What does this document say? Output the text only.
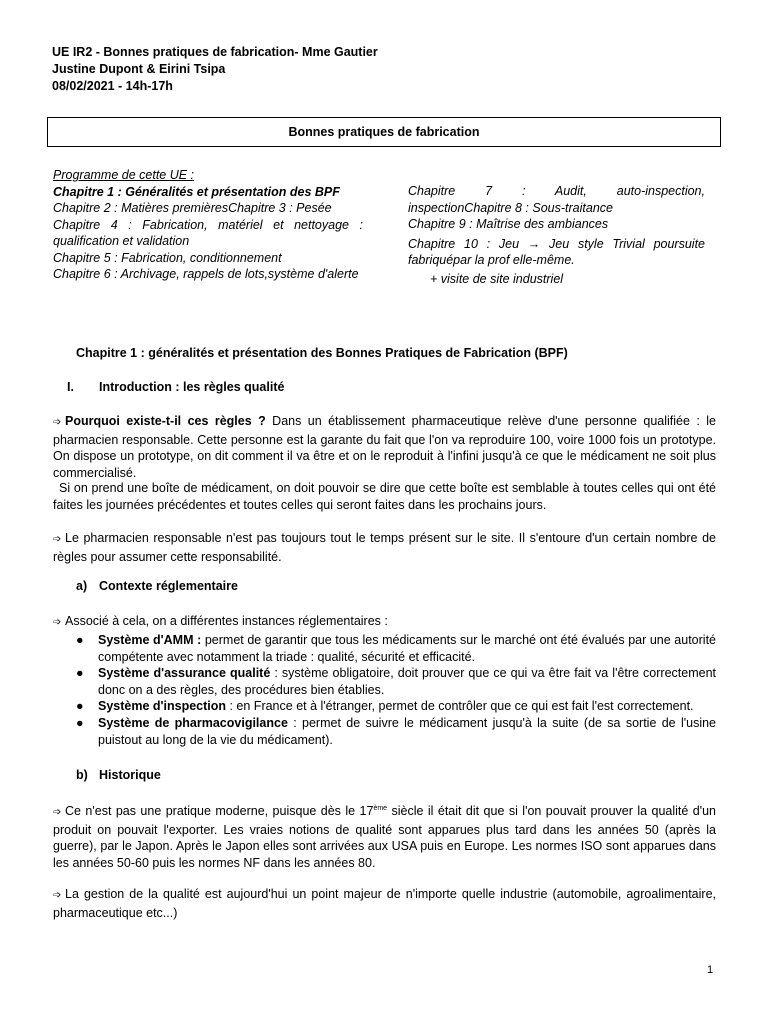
UE IR2 - Bonnes pratiques de fabrication- Mme Gautier
Justine Dupont & Eirini Tsipa
08/02/2021 - 14h-17h
Bonnes pratiques de fabrication
Programme de cette UE :
Chapitre 1 : Généralités et présentation des BPF
Chapitre 2 : Matières premièresChapitre 3 : Pesée
Chapitre 4 : Fabrication, matériel et nettoyage : qualification et validation
Chapitre 5 : Fabrication, conditionnement
Chapitre 6 : Archivage, rappels de lots,système d'alerte
Chapitre 7 : Audit, auto-inspection, inspectionChapitre 8 : Sous-traitance
Chapitre 9 : Maîtrise des ambiances
Chapitre 10 : Jeu → Jeu style Trivial poursuite fabriquépar la prof elle-même.
+ visite de site industriel
Chapitre 1 : généralités et présentation des Bonnes Pratiques de Fabrication (BPF)
I. Introduction : les règles qualité
➩ Pourquoi existe-t-il ces règles ? Dans un établissement pharmaceutique relève d'une personne qualifiée : le pharmacien responsable. Cette personne est la garante du fait que l'on va reproduire 100, voire 1000 fois un prototype. On dispose un prototype, on dit comment il va être et on le reproduit à l'infini jusqu'à ce que le médicament ne soit plus commercialisé.
Si on prend une boîte de médicament, on doit pouvoir se dire que cette boîte est semblable à toutes celles qui ont été faites les journées précédentes et toutes celles qui seront faites dans les prochains jours.
➩ Le pharmacien responsable n'est pas toujours tout le temps présent sur le site. Il s'entoure d'un certain nombre de règles pour assumer cette responsabilité.
a) Contexte réglementaire
➩ Associé à cela, on a différentes instances réglementaires :
● Système d'AMM : permet de garantir que tous les médicaments sur le marché ont été évalués par une autorité compétente avec notamment la triade : qualité, sécurité et efficacité.
● Système d'assurance qualité : système obligatoire, doit prouver que ce qui va être fait va l'être correctement donc on a des règles, des procédures bien établies.
● Système d'inspection : en France et à l'étranger, permet de contrôler que ce qui est fait l'est correctement.
● Système de pharmacovigilance : permet de suivre le médicament jusqu'à la suite (de sa sortie de l'usine puistout au long de la vie du médicament).
b) Historique
➩ Ce n'est pas une pratique moderne, puisque dès le 17ème siècle il était dit que si l'on pouvait prouver la qualité d'un produit on pouvait l'exporter. Les vraies notions de qualité sont apparues plus tard dans les années 50 (après la guerre), par le Japon. Après le Japon elles sont arrivées aux USA puis en Europe. Les normes ISO sont apparues dans les années 50-60 puis les normes NF dans les années 80.
➩ La gestion de la qualité est aujourd'hui un point majeur de n'importe quelle industrie (automobile, agroalimentaire, pharmaceutique etc...)
1
